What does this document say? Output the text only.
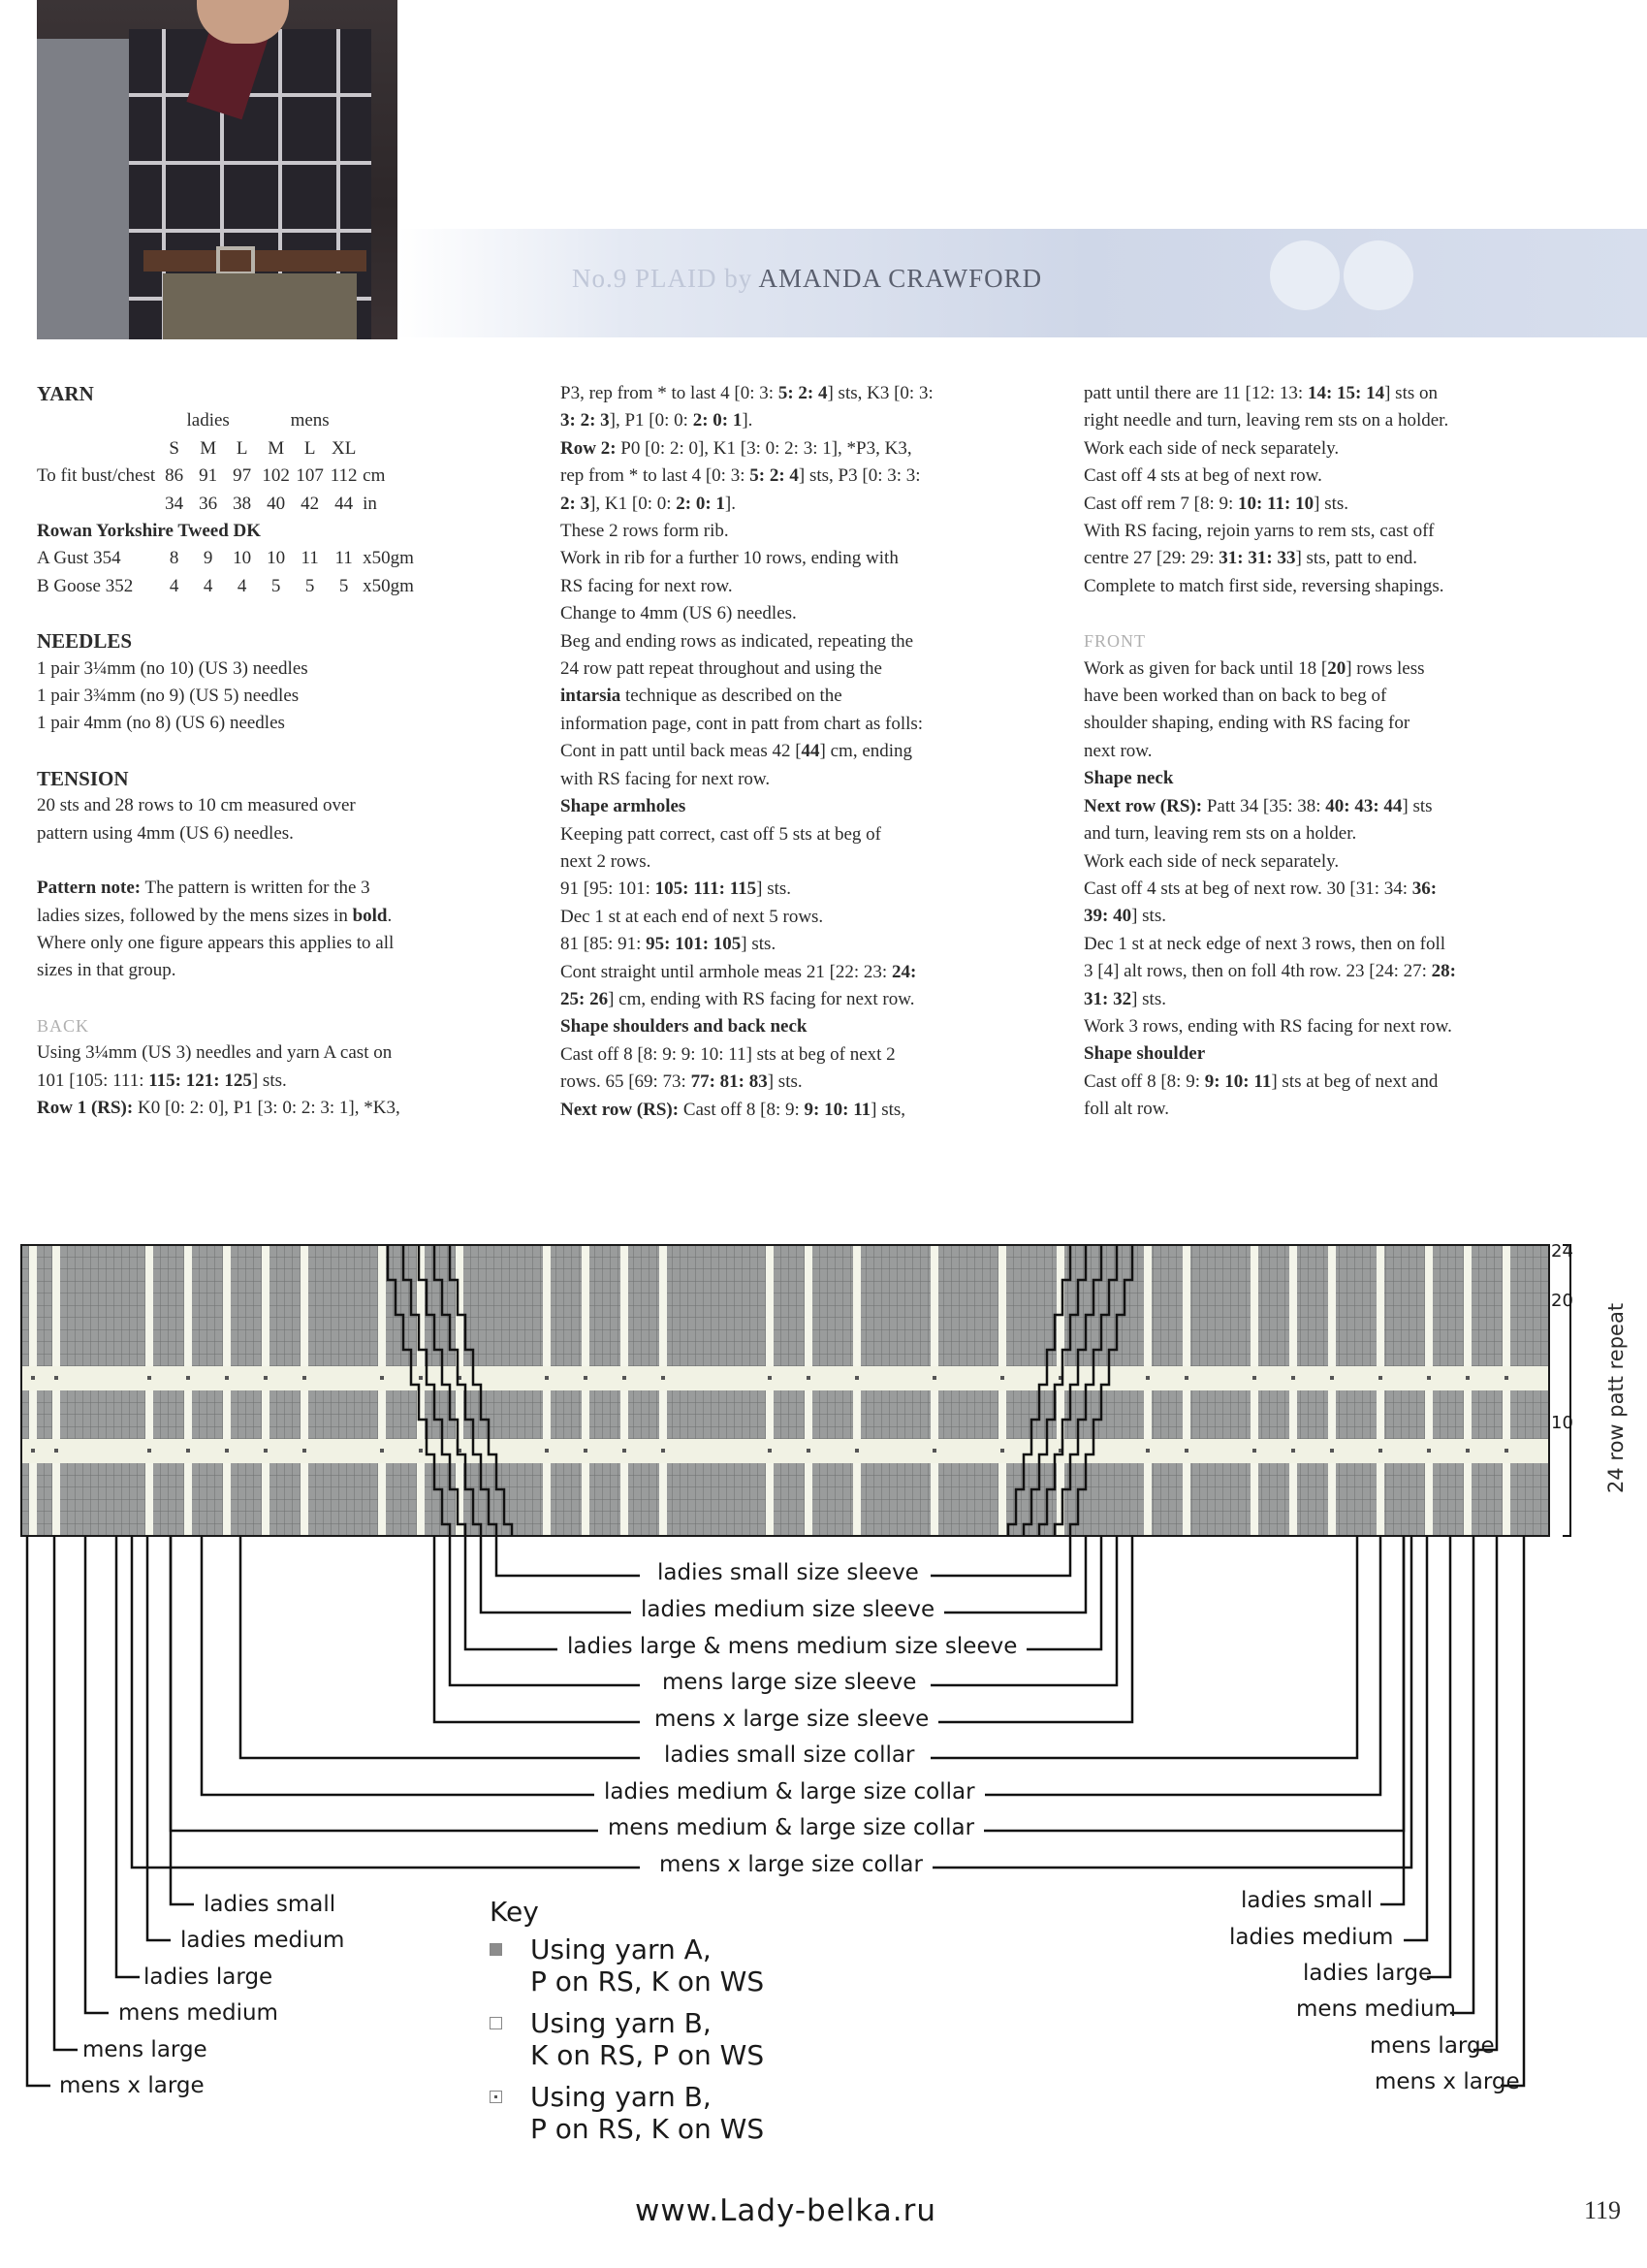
No.9 PLAID by AMANDA CRAWFORD

YARN

	ladies			mens			
	S	M	L	M	L	XL	
To fit bust/chest	86	91	97	102	107	112	cm
	34	36	38	40	42	44	in
Rowan Yorkshire Tweed DK							
A Gust 354	8	9	10	10	11	11	x50gm
B Goose 352	4	4	4	5	5	5	x50gm

NEEDLES

1 pair 3¼mm (no 10) (US 3) needles

1 pair 3¾mm (no 9) (US 5) needles

1 pair 4mm (no 8) (US 6) needles

TENSION

20 sts and 28 rows to 10 cm measured over

pattern using 4mm (US 6) needles.

Pattern note: The pattern is written for the 3

ladies sizes, followed by the mens sizes in bold.

Where only one figure appears this applies to all

sizes in that group.

BACK

Using 3¼mm (US 3) needles and yarn A cast on

101 [105: 111: 115: 121: 125] sts.

Row 1 (RS): K0 [0: 2: 0], P1 [3: 0: 2: 3: 1], *K3,

P3, rep from * to last 4 [0: 3: 5: 2: 4] sts, K3 [0: 3:

3: 2: 3], P1 [0: 0: 2: 0: 1].

Row 2: P0 [0: 2: 0], K1 [3: 0: 2: 3: 1], *P3, K3,

rep from * to last 4 [0: 3: 5: 2: 4] sts, P3 [0: 3: 3:

2: 3], K1 [0: 0: 2: 0: 1].

These 2 rows form rib.

Work in rib for a further 10 rows, ending with

RS facing for next row.

Change to 4mm (US 6) needles.

Beg and ending rows as indicated, repeating the

24 row patt repeat throughout and using the

intarsia technique as described on the

information page, cont in patt from chart as folls:

Cont in patt until back meas 42 [44] cm, ending

with RS facing for next row.

Shape armholes

Keeping patt correct, cast off 5 sts at beg of

next 2 rows.

91 [95: 101: 105: 111: 115] sts.

Dec 1 st at each end of next 5 rows.

81 [85: 91: 95: 101: 105] sts.

Cont straight until armhole meas 21 [22: 23: 24:

25: 26] cm, ending with RS facing for next row.

Shape shoulders and back neck

Cast off 8 [8: 9: 9: 10: 11] sts at beg of next 2

rows. 65 [69: 73: 77: 81: 83] sts.

Next row (RS): Cast off 8 [8: 9: 9: 10: 11] sts,

patt until there are 11 [12: 13: 14: 15: 14] sts on

right needle and turn, leaving rem sts on a holder.

Work each side of neck separately.

Cast off 4 sts at beg of next row.

Cast off rem 7 [8: 9: 10: 11: 10] sts.

With RS facing, rejoin yarns to rem sts, cast off

centre 27 [29: 29: 31: 31: 33] sts, patt to end.

Complete to match first side, reversing shapings.

FRONT

Work as given for back until 18 [20] rows less

have been worked than on back to beg of

shoulder shaping, ending with RS facing for

next row.

Shape neck

Next row (RS): Patt 34 [35: 38: 40: 43: 44] sts

and turn, leaving rem sts on a holder.

Work each side of neck separately.

Cast off 4 sts at beg of next row. 30 [31: 34: 36:

39: 40] sts.

Dec 1 st at neck edge of next 3 rows, then on foll

3 [4] alt rows, then on foll 4th row. 23 [24: 27: 28:

31: 32] sts.

Work 3 rows, ending with RS facing for next row.

Shape shoulder

Cast off 8 [8: 9: 9: 10: 11] sts at beg of next and

foll alt row.

24
20
10 24 row patt repeat
ladies small size sleeve
ladies medium size sleeve
ladies large & mens medium size sleeve
mens large size sleeve
mens x large size sleeve
ladies small size collar
ladies medium & large size collar
mens medium & large size collar
mens x large size collar
ladies small
ladies medium
ladies large
mens medium
mens large
mens x large
ladies small
ladies medium
ladies large
mens medium
mens large
mens x large
Key
Using yarn A,
P on RS, K on WS
Using yarn B,
K on RS, P on WS
Using yarn B,
P on RS, K on WS
www.Lady-belka.ru	119
